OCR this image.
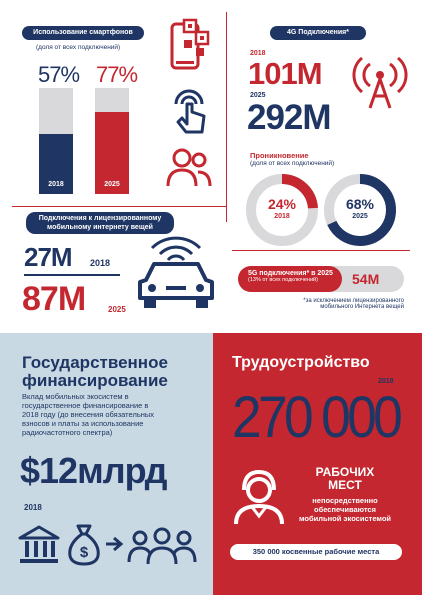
Использование смартфонов
(доля от всех подключений)
57% 77%
2018	2025
4G Подключения*
2018
101M
2025
292M
Проникновение
(доля от всех подключений)
24%
2018
68%
2025
Подключения к лицензированному
мобильному интернету вещей
27M 2018
87M	2025
5G подключения* в 2025
(13% от всех подключений)	54M
*за исключением лицензированного
мобильного Интернета вещей
Государственное
финансирование
Вклад мобильных экосистем в
государственное финансирование в
2018 году (до внесения обязательных
взносов и платы за использование
радиочастотного спектра)
$12млрд
2018
$
Трудоустройство
2018
270 000
РАБОЧИХ
МЕСТ
непосредственно
обеспечиваются
мобильной экосистемой
350 000 косвенные рабочие места
